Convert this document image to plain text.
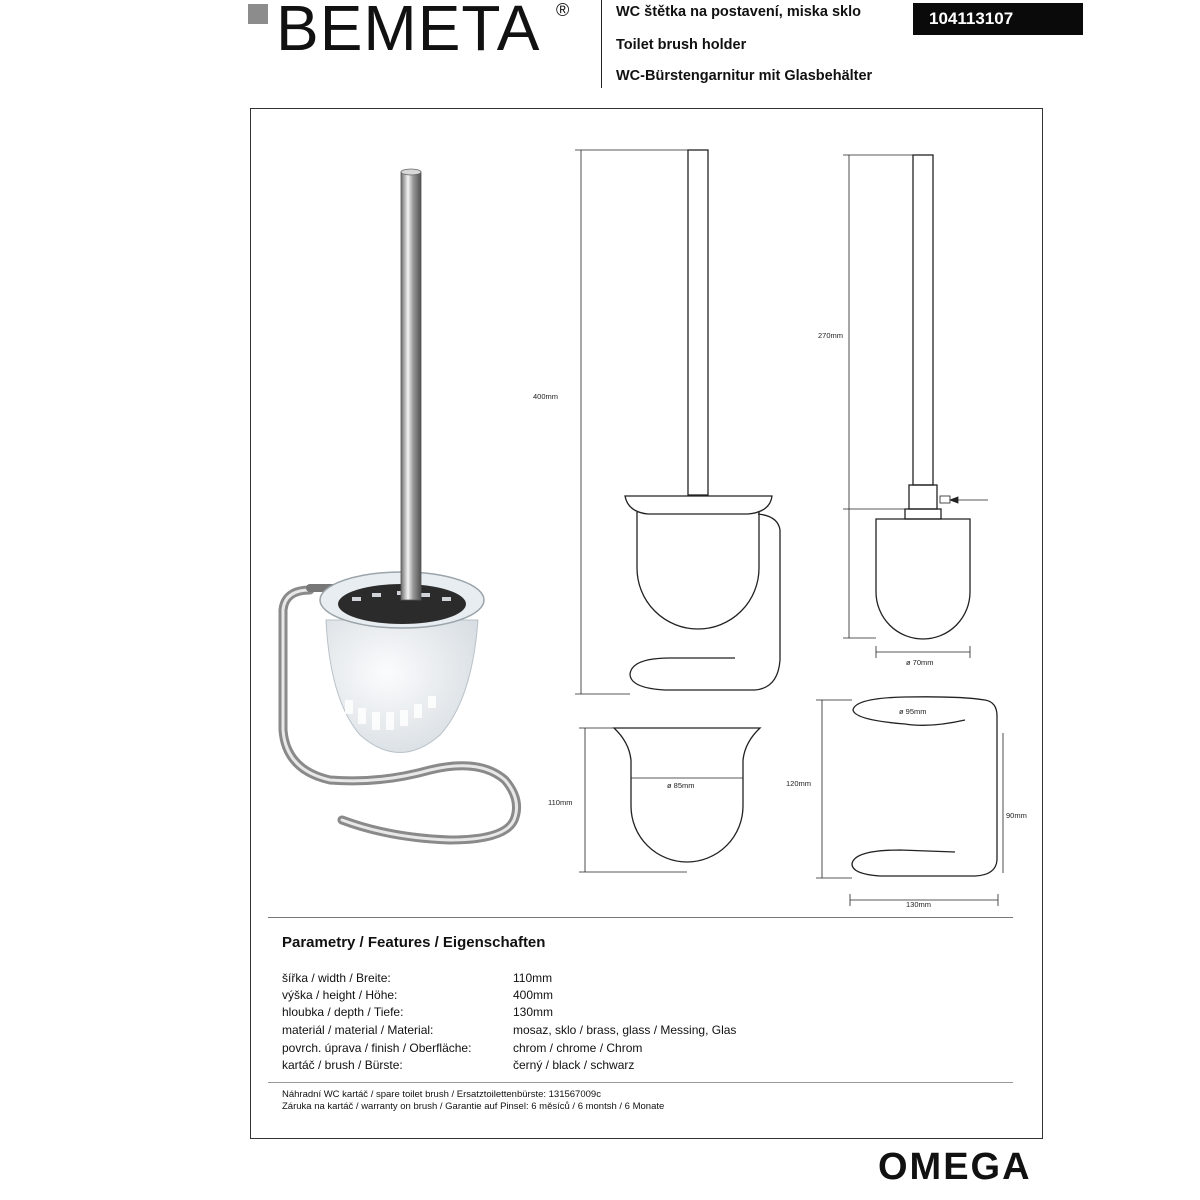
BEMETA ®	WC štětka na postavení, miska sklo
Toilet brush holder
WC-Bürstengarnitur mit Glasbehälter
104113107
400mm
270mm
ø 70mm
110mm
ø 85mm
ø 95mm
120mm
90mm
130mm
Parametry / Features / Eigenschaften
šířka / width / Breite:	110mm
výška / height / Höhe:	400mm
hloubka / depth / Tiefe:	130mm
materiál / material / Material:	mosaz, sklo / brass, glass / Messing, Glas
povrch. úprava / finish / Oberfläche:	chrom / chrome / Chrom
kartáč / brush / Bürste:	černý / black / schwarz
Náhradní WC kartáč / spare toilet brush / Ersatztoilettenbürste: 131567009c
Záruka na kartáč / warranty on brush / Garantie auf Pinsel: 6 měsíců / 6 montsh / 6 Monate
OMEGA
